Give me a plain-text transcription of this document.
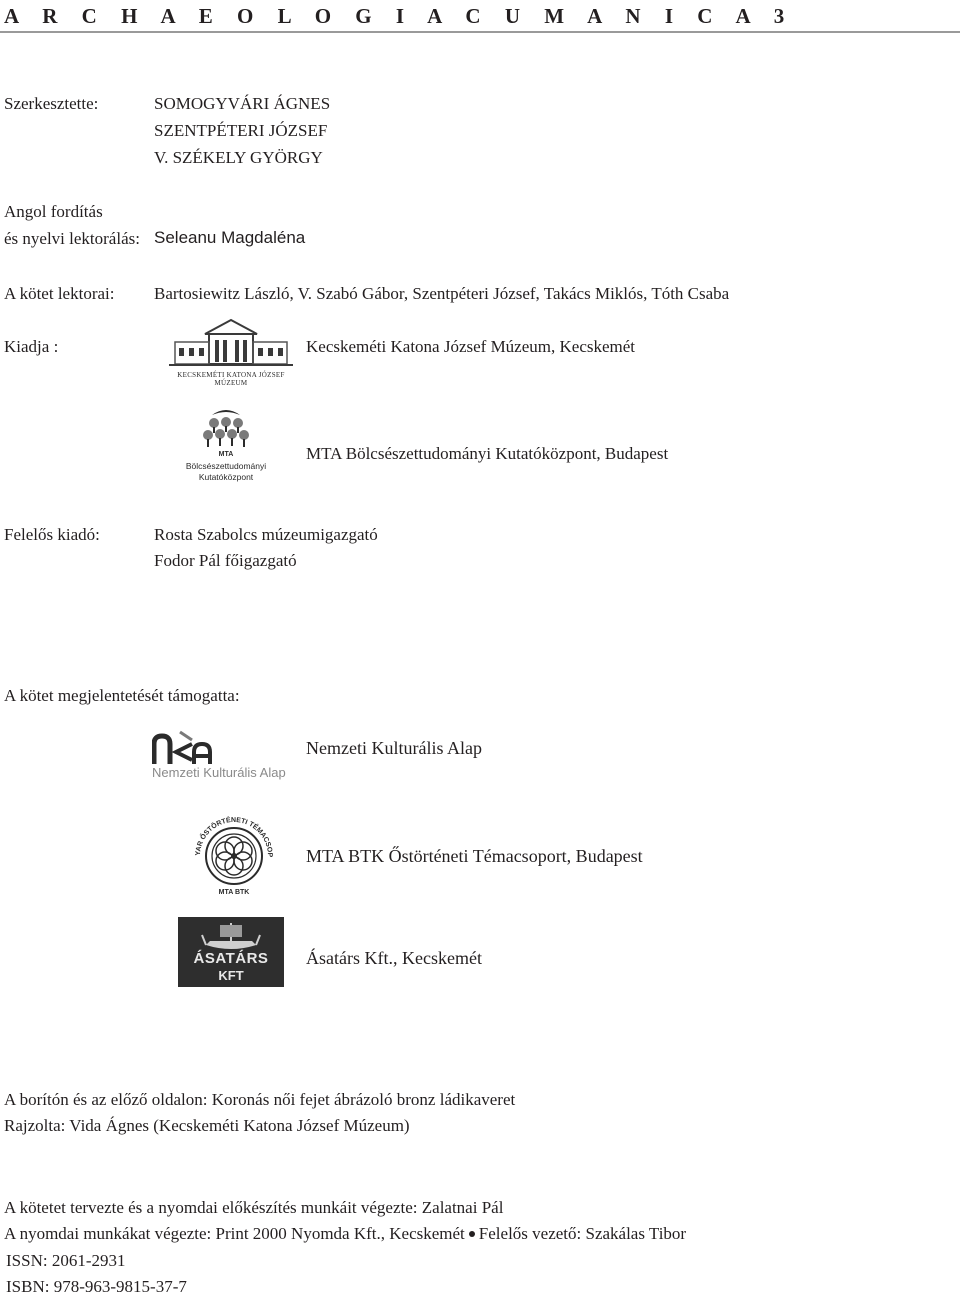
A R C H A E O L O G I A C U M A N I C A 3
Szerkesztette:	SOMOGYVÁRI ÁGNES
SZENTPÉTERI JÓZSEF
V. SZÉKELY GYÖRGY
Angol fordítás
és nyelvi lektorálás: Seleanu Magdaléna
A kötet lektorai: Bartosiewitz László, V. Szabó Gábor, Szentpéteri József, Takács Miklós, Tóth Csaba
Kiadja :
KECSKEMÉTI KATONA JÓZSEF MÚZEUM
Kecskeméti Katona József Múzeum, Kecskemét
MTA
Bölcsészettudományi
Kutatóközpont
MTA Bölcsészettudományi Kutatóközpont, Budapest
Felelős kiadó:	Rosta Szabolcs múzeumigazgató
Fodor Pál főigazgató
A kötet megjelentetését támogatta:
Nemzeti Kulturális Alap
Nemzeti Kulturális Alap
YAR ŐSTÖRTÉNETI TÉMACSOP
MTA BTK
MTA BTK Őstörténeti Témacsoport, Budapest
ÁSATÁRS
KFT
Ásatárs Kft., Kecskemét
A borítón és az előző oldalon: Koronás női fejet ábrázoló bronz ládikaveret
Rajzolta: Vida Ágnes (Kecskeméti Katona József Múzeum)
A kötetet tervezte és a nyomdai előkészítés munkáit végezte: Zalatnai Pál
A nyomdai munkákat végezte: Print 2000 Nyomda Kft., Kecskemét Felelős vezető: Szakálas Tibor
ISSN: 2061-2931
ISBN: 978-963-9815-37-7
